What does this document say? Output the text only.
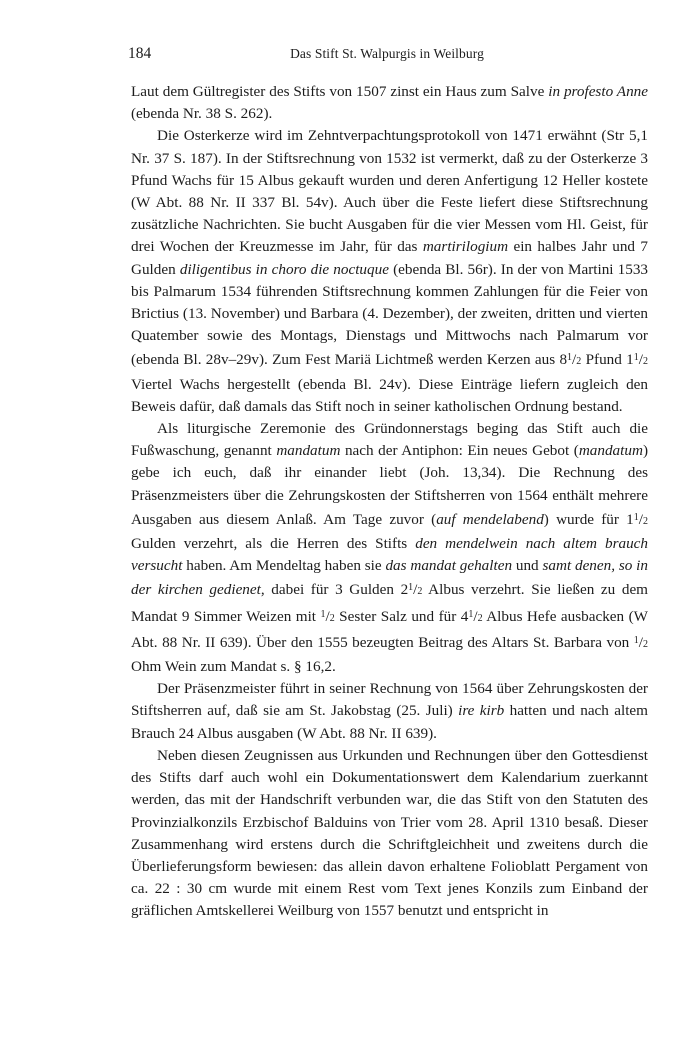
184	Das Stift St. Walpurgis in Weilburg

Laut dem Gültregister des Stifts von 1507 zinst ein Haus zum Salve in profesto Anne (ebenda Nr. 38 S. 262).

Die Osterkerze wird im Zehntverpachtungsprotokoll von 1471 erwähnt (Str 5,1 Nr. 37 S. 187). In der Stiftsrechnung von 1532 ist vermerkt, daß zu der Osterkerze 3 Pfund Wachs für 15 Albus gekauft wurden und deren Anfertigung 12 Heller kostete (W Abt. 88 Nr. II 337 Bl. 54v). Auch über die Feste liefert diese Stiftsrechnung zusätzliche Nachrichten. Sie bucht Ausgaben für die vier Messen vom Hl. Geist, für drei Wochen der Kreuzmesse im Jahr, für das martirilogium ein halbes Jahr und 7 Gulden diligentibus in choro die noctuque (ebenda Bl. 56r). In der von Martini 1533 bis Palmarum 1534 führenden Stiftsrechnung kommen Zahlungen für die Feier von Brictius (13. November) und Barbara (4. Dezember), der zweiten, dritten und vierten Quatember sowie des Montags, Dienstags und Mittwochs nach Palmarum vor (ebenda Bl. 28v–29v). Zum Fest Mariä Lichtmeß werden Kerzen aus $8^1/2$ Pfund $1^1/2$ Viertel Wachs hergestellt (ebenda Bl. 24v). Diese Einträge liefern zugleich den Beweis dafür, daß damals das Stift noch in seiner katholischen Ordnung bestand.

Als liturgische Zeremonie des Gründonnerstags beging das Stift auch die Fußwaschung, genannt mandatum nach der Antiphon: Ein neues Gebot (mandatum) gebe ich euch, daß ihr einander liebt (Joh. 13,34). Die Rechnung des Präsenzmeisters über die Zehrungskosten der Stiftsherren von 1564 enthält mehrere Ausgaben aus diesem Anlaß. Am Tage zuvor (auf mendelabend) wurde für $1^1/2$ Gulden verzehrt, als die Herren des Stifts den mendelwein nach altem brauch versucht haben. Am Mendeltag haben sie das mandat gehalten und samt denen, so in der kirchen gedienet, dabei für 3 Gulden $2^1/2$ Albus verzehrt. Sie ließen zu dem Mandat 9 Simmer Weizen mit $^1$/2 Sester Salz und für $4^1/2$ Albus Hefe ausbacken (W Abt. 88 Nr. II 639). Über den 1555 bezeugten Beitrag des Altars St. Barbara von $^1$/2 Ohm Wein zum Mandat s. § 16,2.

Der Präsenzmeister führt in seiner Rechnung von 1564 über Zehrungskosten der Stiftsherren auf, daß sie am St. Jakobstag (25. Juli) ire kirb hatten und nach altem Brauch 24 Albus ausgaben (W Abt. 88 Nr. II 639).

Neben diesen Zeugnissen aus Urkunden und Rechnungen über den Gottesdienst des Stifts darf auch wohl ein Dokumentationswert dem Kalendarium zuerkannt werden, das mit der Handschrift verbunden war, die das Stift von den Statuten des Provinzialkonzils Erzbischof Balduins von Trier vom 28. April 1310 besaß. Dieser Zusammenhang wird erstens durch die Schriftgleichheit und zweitens durch die Überlieferungsform bewiesen: das allein davon erhaltene Folioblatt Pergament von ca. 22 : 30 cm wurde mit einem Rest vom Text jenes Konzils zum Einband der gräflichen Amtskellerei Weilburg von 1557 benutzt und entspricht in
